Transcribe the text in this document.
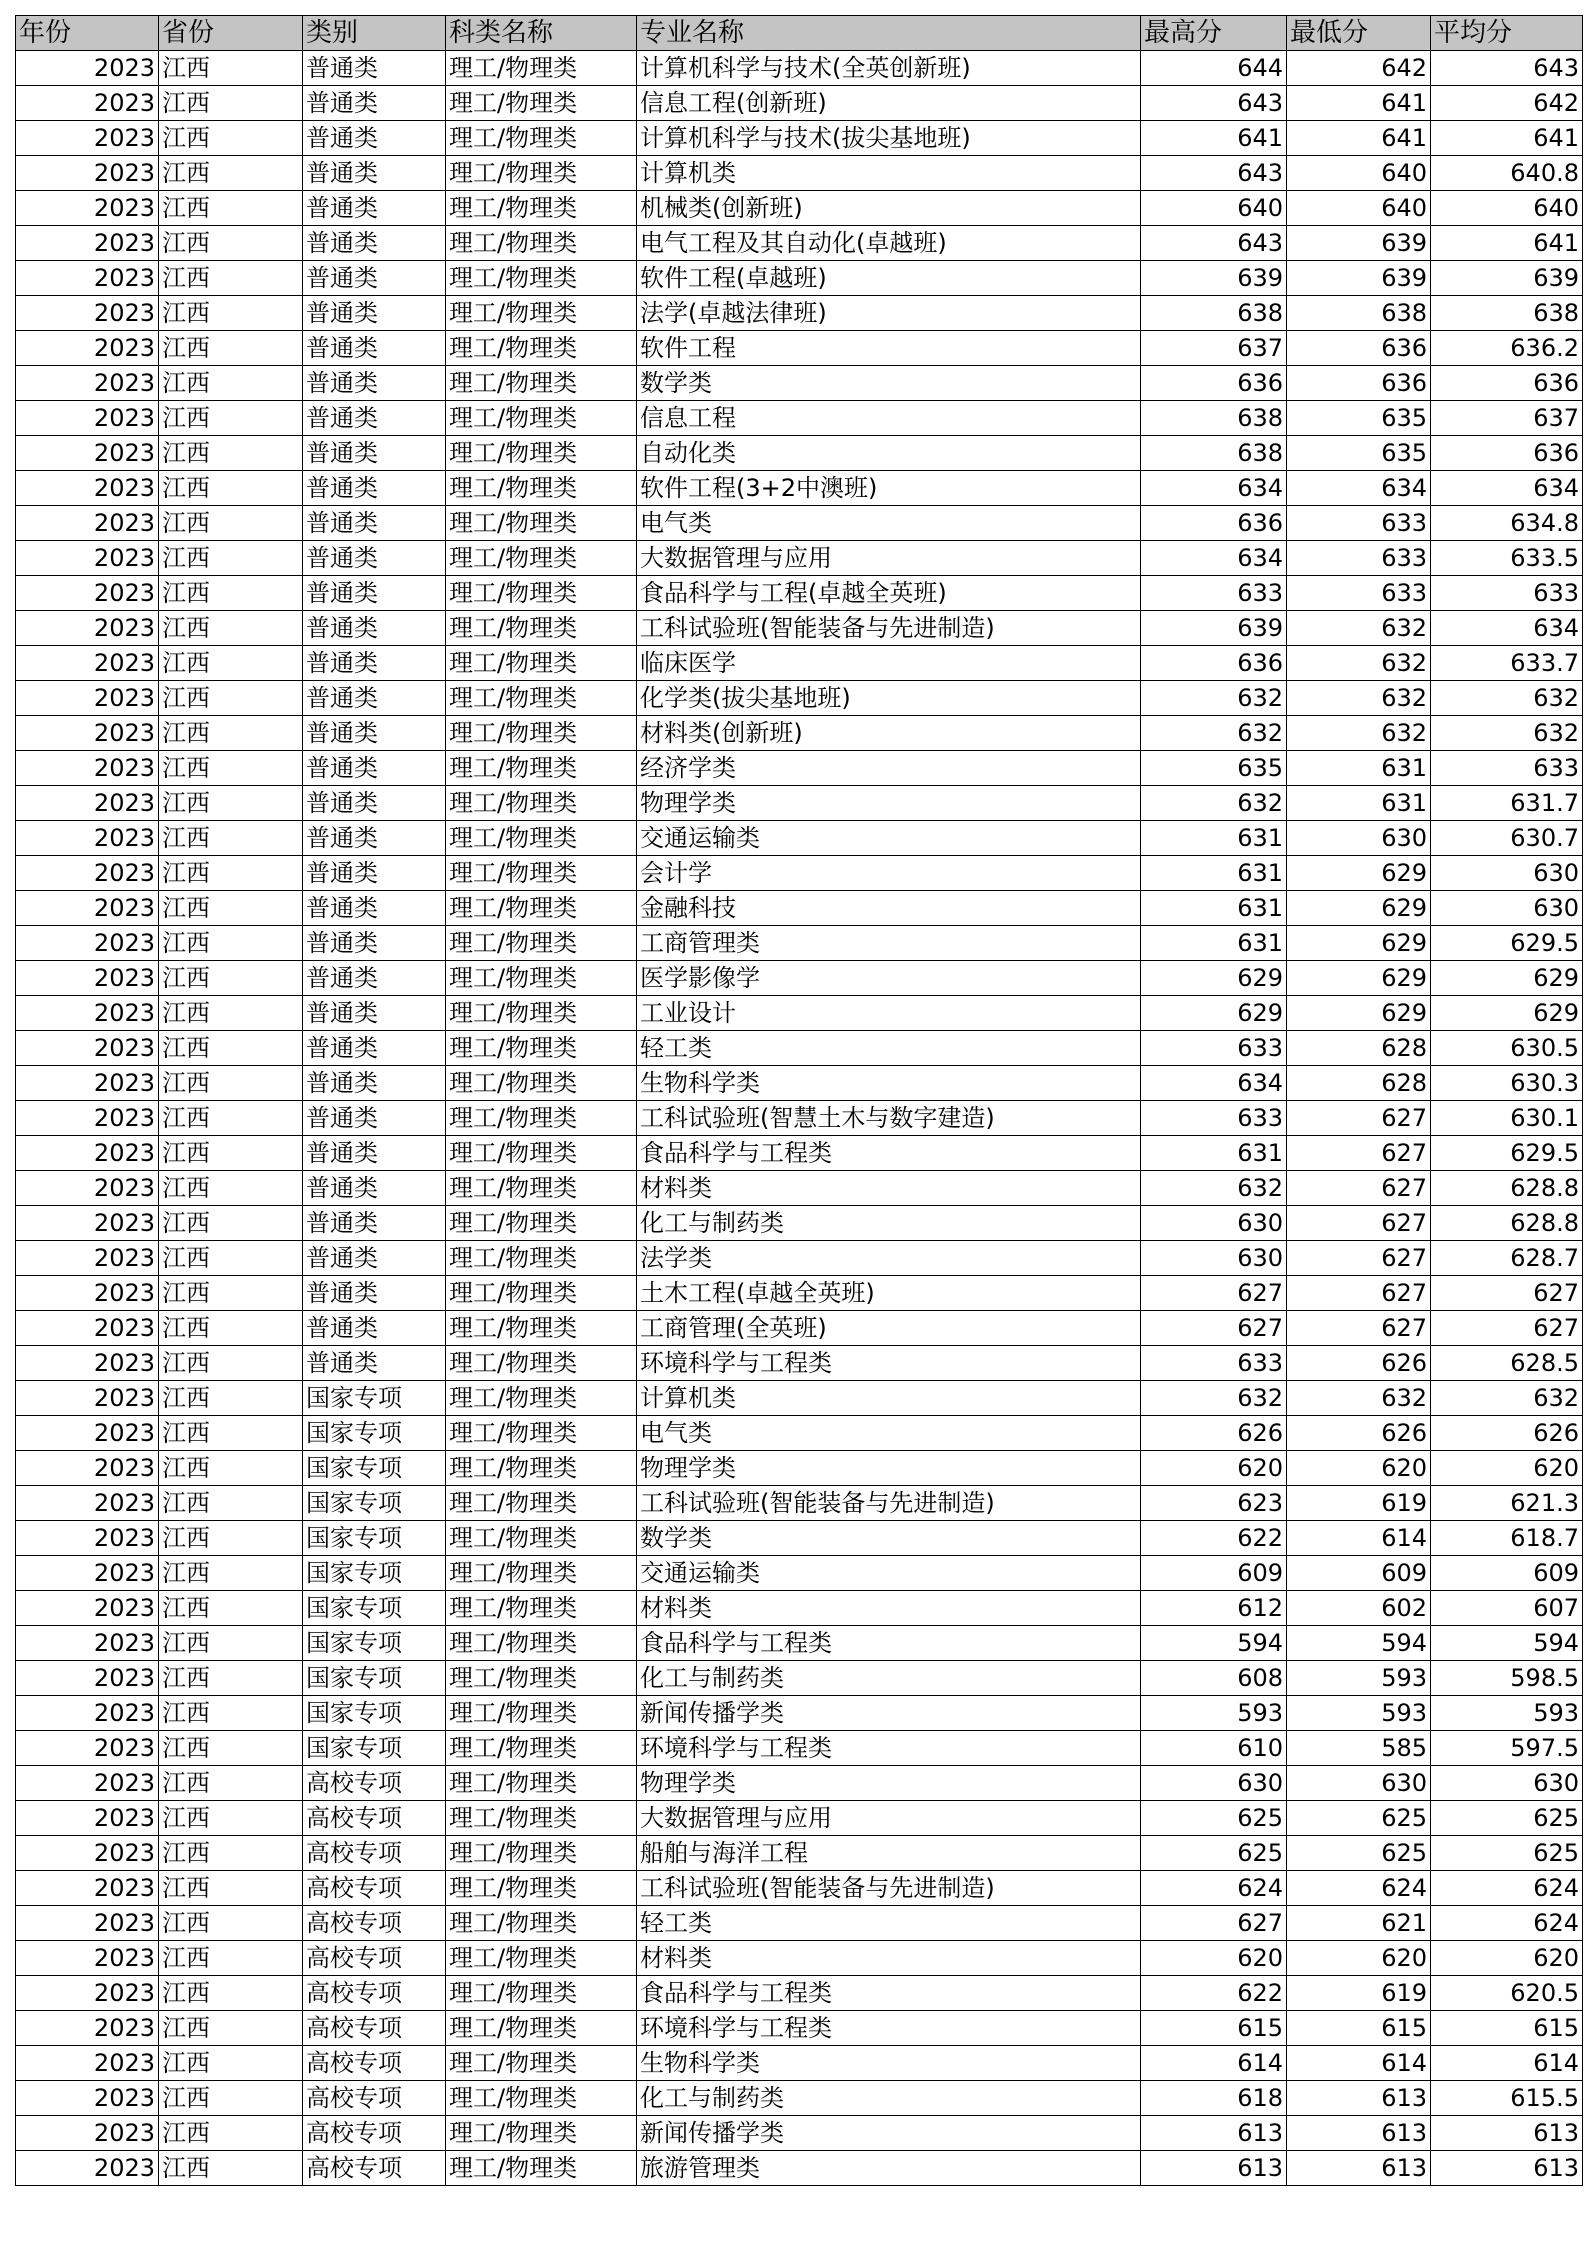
年份	省份	类别	科类名称	专业名称	最高分	最低分	平均分
2023	江西	普通类	理工/物理类	计算机科学与技术(全英创新班)	644	642	643
2023	江西	普通类	理工/物理类	信息工程(创新班)	643	641	642
2023	江西	普通类	理工/物理类	计算机科学与技术(拔尖基地班)	641	641	641
2023	江西	普通类	理工/物理类	计算机类	643	640	640.8
2023	江西	普通类	理工/物理类	机械类(创新班)	640	640	640
2023	江西	普通类	理工/物理类	电气工程及其自动化(卓越班)	643	639	641
2023	江西	普通类	理工/物理类	软件工程(卓越班)	639	639	639
2023	江西	普通类	理工/物理类	法学(卓越法律班)	638	638	638
2023	江西	普通类	理工/物理类	软件工程	637	636	636.2
2023	江西	普通类	理工/物理类	数学类	636	636	636
2023	江西	普通类	理工/物理类	信息工程	638	635	637
2023	江西	普通类	理工/物理类	自动化类	638	635	636
2023	江西	普通类	理工/物理类	软件工程(3+2中澳班)	634	634	634
2023	江西	普通类	理工/物理类	电气类	636	633	634.8
2023	江西	普通类	理工/物理类	大数据管理与应用	634	633	633.5
2023	江西	普通类	理工/物理类	食品科学与工程(卓越全英班)	633	633	633
2023	江西	普通类	理工/物理类	工科试验班(智能装备与先进制造)	639	632	634
2023	江西	普通类	理工/物理类	临床医学	636	632	633.7
2023	江西	普通类	理工/物理类	化学类(拔尖基地班)	632	632	632
2023	江西	普通类	理工/物理类	材料类(创新班)	632	632	632
2023	江西	普通类	理工/物理类	经济学类	635	631	633
2023	江西	普通类	理工/物理类	物理学类	632	631	631.7
2023	江西	普通类	理工/物理类	交通运输类	631	630	630.7
2023	江西	普通类	理工/物理类	会计学	631	629	630
2023	江西	普通类	理工/物理类	金融科技	631	629	630
2023	江西	普通类	理工/物理类	工商管理类	631	629	629.5
2023	江西	普通类	理工/物理类	医学影像学	629	629	629
2023	江西	普通类	理工/物理类	工业设计	629	629	629
2023	江西	普通类	理工/物理类	轻工类	633	628	630.5
2023	江西	普通类	理工/物理类	生物科学类	634	628	630.3
2023	江西	普通类	理工/物理类	工科试验班(智慧土木与数字建造)	633	627	630.1
2023	江西	普通类	理工/物理类	食品科学与工程类	631	627	629.5
2023	江西	普通类	理工/物理类	材料类	632	627	628.8
2023	江西	普通类	理工/物理类	化工与制药类	630	627	628.8
2023	江西	普通类	理工/物理类	法学类	630	627	628.7
2023	江西	普通类	理工/物理类	土木工程(卓越全英班)	627	627	627
2023	江西	普通类	理工/物理类	工商管理(全英班)	627	627	627
2023	江西	普通类	理工/物理类	环境科学与工程类	633	626	628.5
2023	江西	国家专项	理工/物理类	计算机类	632	632	632
2023	江西	国家专项	理工/物理类	电气类	626	626	626
2023	江西	国家专项	理工/物理类	物理学类	620	620	620
2023	江西	国家专项	理工/物理类	工科试验班(智能装备与先进制造)	623	619	621.3
2023	江西	国家专项	理工/物理类	数学类	622	614	618.7
2023	江西	国家专项	理工/物理类	交通运输类	609	609	609
2023	江西	国家专项	理工/物理类	材料类	612	602	607
2023	江西	国家专项	理工/物理类	食品科学与工程类	594	594	594
2023	江西	国家专项	理工/物理类	化工与制药类	608	593	598.5
2023	江西	国家专项	理工/物理类	新闻传播学类	593	593	593
2023	江西	国家专项	理工/物理类	环境科学与工程类	610	585	597.5
2023	江西	高校专项	理工/物理类	物理学类	630	630	630
2023	江西	高校专项	理工/物理类	大数据管理与应用	625	625	625
2023	江西	高校专项	理工/物理类	船舶与海洋工程	625	625	625
2023	江西	高校专项	理工/物理类	工科试验班(智能装备与先进制造)	624	624	624
2023	江西	高校专项	理工/物理类	轻工类	627	621	624
2023	江西	高校专项	理工/物理类	材料类	620	620	620
2023	江西	高校专项	理工/物理类	食品科学与工程类	622	619	620.5
2023	江西	高校专项	理工/物理类	环境科学与工程类	615	615	615
2023	江西	高校专项	理工/物理类	生物科学类	614	614	614
2023	江西	高校专项	理工/物理类	化工与制药类	618	613	615.5
2023	江西	高校专项	理工/物理类	新闻传播学类	613	613	613
2023	江西	高校专项	理工/物理类	旅游管理类	613	613	613
